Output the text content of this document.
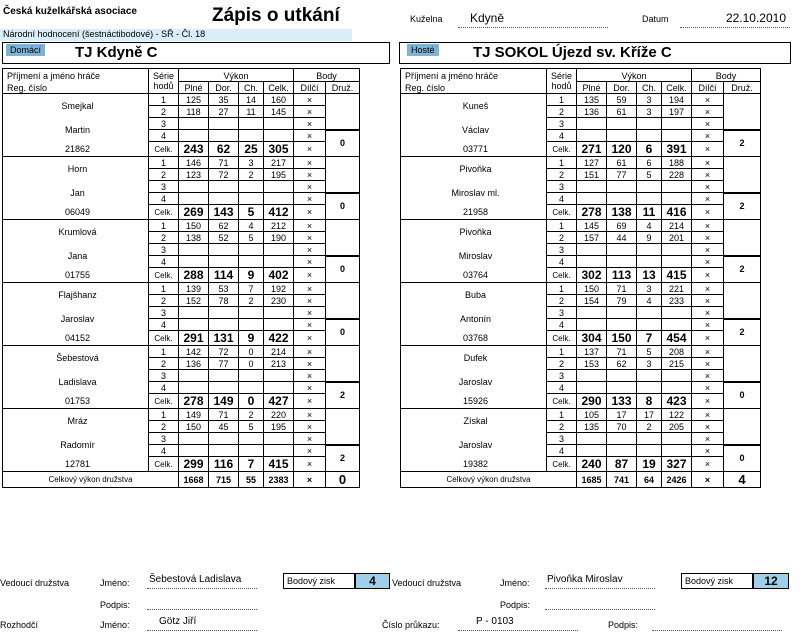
Česká kuželkářská asociace	Zápis o utkání
Národní hodnocení (šestnáctibodové) - SŘ - Čl. 18
Kuželna	Kdyně	Datum	22.10.2010
Domácí TJ Kdyně C	Hosté	TJ SOKOL Újezd sv. Kříže C
Příjmení a jméno hráče	Série
hodů	Výkon				Body	
Reg. číslo		Plné	Dor.	Ch.	Celk.	Dílčí	Druž.
Smejkal	1	125	35	14	160	×	
	2	118	27	11	145	×	
Martin	3					×	
	4					×	0
21862	Celk.	243	62	25	305	×	
Horn	1	146	71	3	217	×	
	2	123	72	2	195	×	
Jan	3					×	
	4					×	0
06049	Celk.	269	143	5	412	×	
Krumlová	1	150	62	4	212	×	
	2	138	52	5	190	×	
Jana	3					×	
	4					×	0
01755	Celk.	288	114	9	402	×	
Flajšhanz	1	139	53	7	192	×	
	2	152	78	2	230	×	
Jaroslav	3					×	
	4					×	0
04152	Celk.	291	131	9	422	×	
Šebestová	1	142	72	0	214	×	
	2	136	77	0	213	×	
Ladislava	3					×	
	4					×	2
01753	Celk.	278	149	0	427	×	
Mráz	1	149	71	2	220	×	
	2	150	45	5	195	×	
Radomír	3					×	
	4					×	2
12781	Celk.	299	116	7	415	×	
Celkový výkon družstva		1668	715	55	2383	×	0
Příjmení a jméno hráče	Série
hodů	Výkon				Body	
Reg. číslo		Plné	Dor.	Ch.	Celk.	Dílčí	Druž.
Kuneš	1	135	59	3	194	×	
	2	136	61	3	197	×	
Václav	3					×	
	4					×	2
03771	Celk.	271	120	6	391	×	
Pivoňka	1	127	61	6	188	×	
	2	151	77	5	228	×	
Miroslav ml.	3					×	
	4					×	2
21958	Celk.	278	138	11	416	×	
Pivoňka	1	145	69	4	214	×	
	2	157	44	9	201	×	
Miroslav	3					×	
	4					×	2
03764	Celk.	302	113	13	415	×	
Buba	1	150	71	3	221	×	
	2	154	79	4	233	×	
Antonín	3					×	
	4					×	2
03768	Celk.	304	150	7	454	×	
Dufek	1	137	71	5	208	×	
	2	153	62	3	215	×	
Jaroslav	3					×	
	4					×	0
15926	Celk.	290	133	8	423	×	
Získal	1	105	17	17	122	×	
	2	135	70	2	205	×	
Jaroslav	3					×	
	4					×	0
19382	Celk.	240	87	19	327	×	
Celkový výkon družstva		1685	741	64	2426	×	4
Vedoucí družstva	Jméno: Šebestová Ladislava
Podpis:
Bodový zisk	4	Vedoucí družstva	Jméno: Pivoňka Miroslav
Podpis:
Bodový zisk	12
Rozhodčí	Jméno:	Götz Jiří	Číslo průkazu:	P - 0103	Podpis:
